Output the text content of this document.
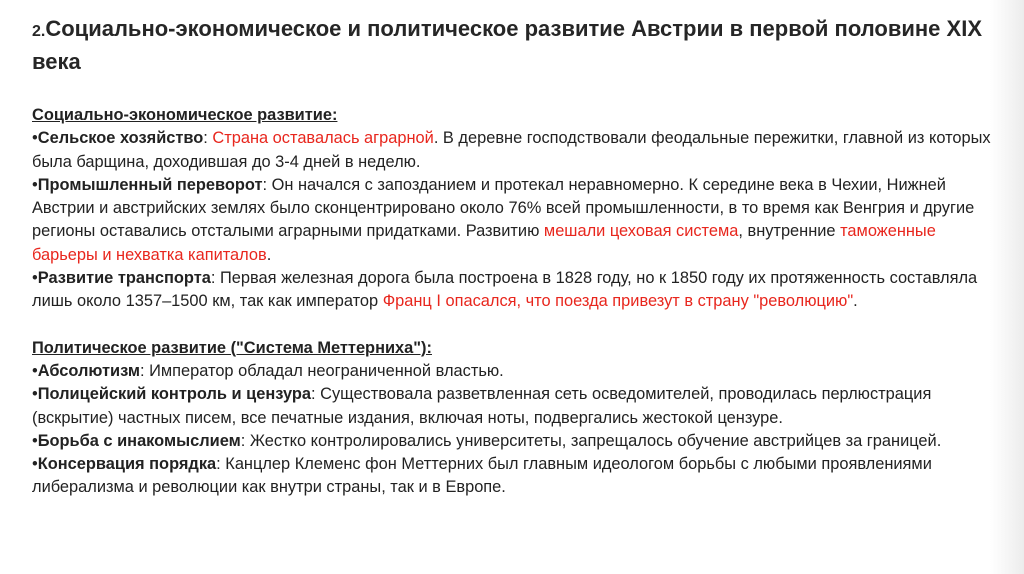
2.Социально-экономическое и политическое развитие Австрии в первой половине XIX века
Социально-экономическое развитие:
•Сельское хозяйство: Страна оставалась аграрной. В деревне господствовали феодальные пережитки, главной из которых была барщина, доходившая до 3-4 дней в неделю.
•Промышленный переворот: Он начался с запозданием и протекал неравномерно. К середине века в Чехии, Нижней Австрии и австрийских землях было сконцентрировано около 76% всей промышленности, в то время как Венгрия и другие регионы оставались отсталыми аграрными придатками. Развитию мешали цеховая система, внутренние таможенные барьеры и нехватка капиталов.
•Развитие транспорта: Первая железная дорога была построена в 1828 году, но к 1850 году их протяженность составляла лишь около 1357–1500 км, так как император Франц I опасался, что поезда привезут в страну "революцию".
Политическое развитие ("Система Меттерниха"):
•Абсолютизм: Император обладал неограниченной властью.
•Полицейский контроль и цензура: Существовала разветвленная сеть осведомителей, проводилась перлюстрация (вскрытие) частных писем, все печатные издания, включая ноты, подвергались жестокой цензуре.
•Борьба с инакомыслием: Жестко контролировались университеты, запрещалось обучение австрийцев за границей.
•Консервация порядка: Канцлер Клеменс фон Меттерних был главным идеологом борьбы с любыми проявлениями либерализма и революции как внутри страны, так и в Европе.
